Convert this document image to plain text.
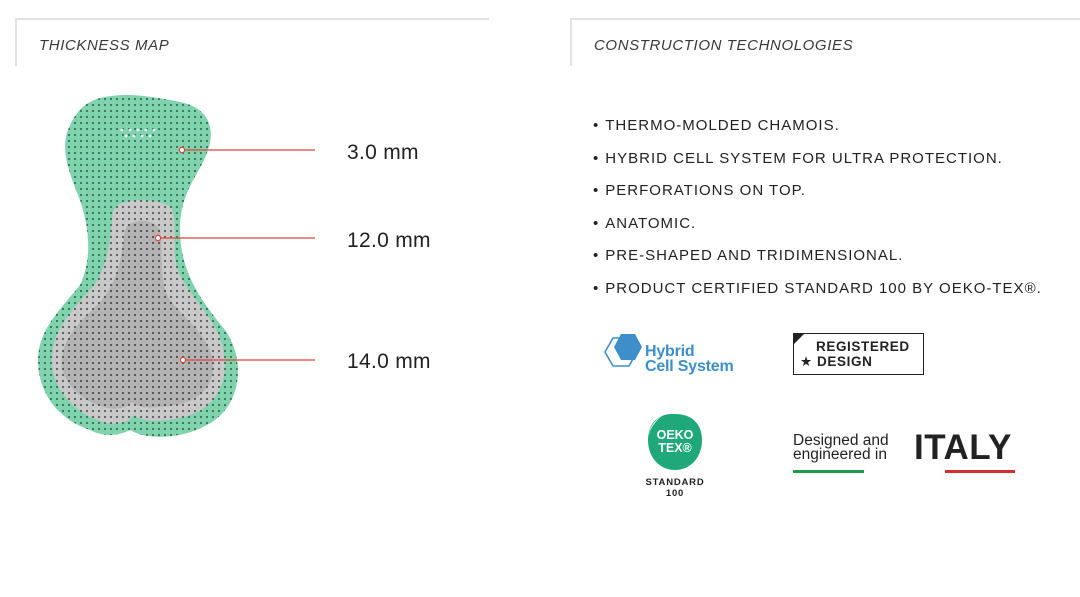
THICKNESS MAP	CONSTRUCTION TECHNOLOGIES
3.0 mm
12.0 mm
14.0 mm
• THERMO-MOLDED CHAMOIS.
• HYBRID CELL SYSTEM FOR ULTRA PROTECTION.
• PERFORATIONS ON TOP.
• ANATOMIC.
• PRE-SHAPED AND TRIDIMENSIONAL.
• PRODUCT CERTIFIED STANDARD 100 BY OEKO-TEX®.
Hybrid
Cell System
REGISTERED
★ DESIGN
OEKO
TEX®
STANDARD
100
Designed and
engineered in ITALY
